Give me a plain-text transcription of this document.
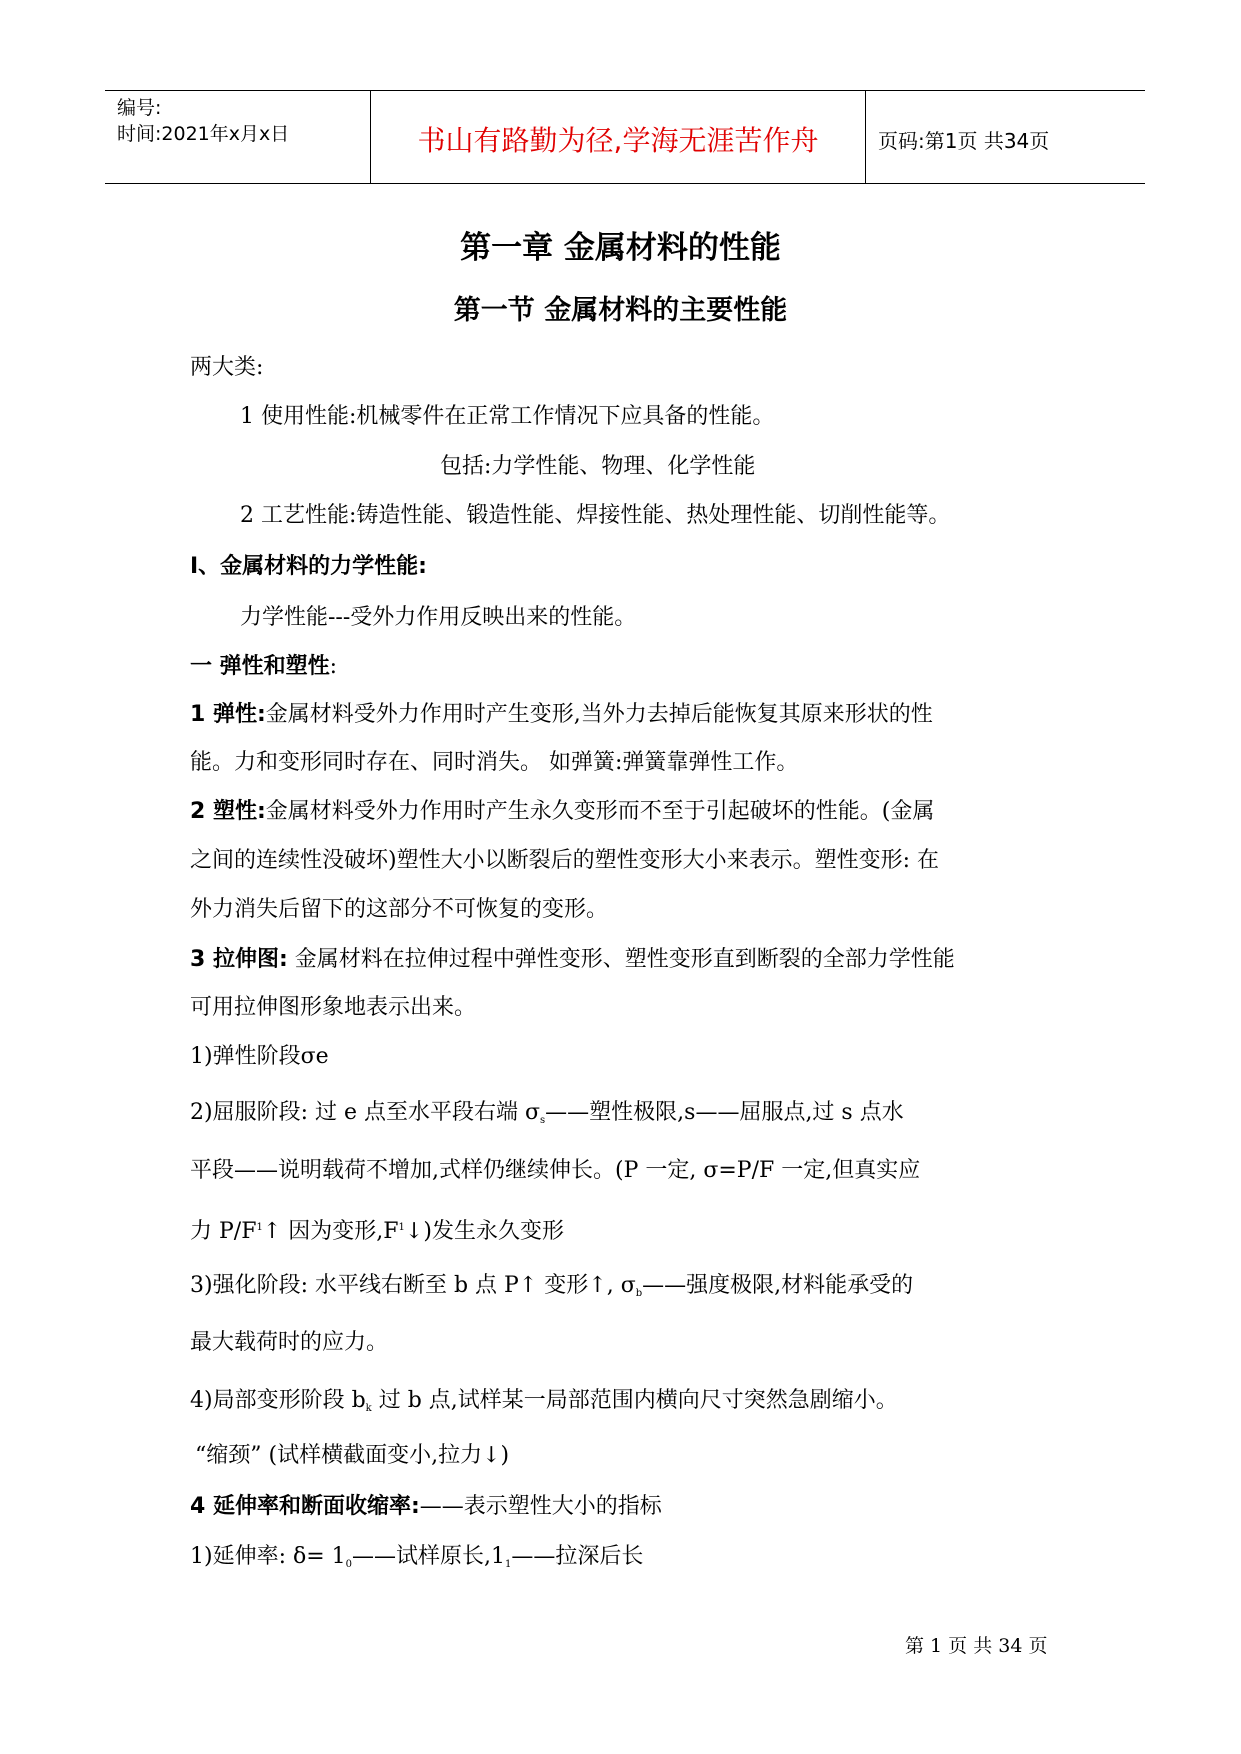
编号:
时间:2021年x月x日	书山有路勤为径,学海无涯苦作舟	页码:第1页 共34页
第一章 金属材料的性能
第一节 金属材料的主要性能
两大类:
1 使用性能:机械零件在正常工作情况下应具备的性能。
包括:力学性能、物理、化学性能
2 工艺性能:铸造性能、锻造性能、焊接性能、热处理性能、切削性能等。
Ⅰ、金属材料的力学性能:
力学性能---受外力作用反映出来的性能。
一 弹性和塑性:
1 弹性:金属材料受外力作用时产生变形,当外力去掉后能恢复其原来形状的性
能。力和变形同时存在、同时消失。 如弹簧:弹簧靠弹性工作。
2 塑性:金属材料受外力作用时产生永久变形而不至于引起破坏的性能。(金属
之间的连续性没破坏)塑性大小以断裂后的塑性变形大小来表示。塑性变形: 在
外力消失后留下的这部分不可恢复的变形。
3 拉伸图: 金属材料在拉伸过程中弹性变形、塑性变形直到断裂的全部力学性能
可用拉伸图形象地表示出来。
1)弹性阶段σe
2)屈服阶段: 过 e 点至水平段右端 $\sigma_s——$塑性极限,s——屈服点,过 s 点水
平段——说明载荷不增加,式样仍继续伸长。(P 一定, σ=P/F 一定,但真实应
力 $P/F^1↑$ 因为变形$,F^1↓$)发生永久变形
3)强化阶段: 水平线右断至 b 点 P↑ 变形↑, $\sigma_b——$强度极限,材料能承受的
最大载荷时的应力。
4)局部变形阶段 $b_k$ 过 b 点,试样某一局部范围内横向尺寸突然急剧缩小。
“缩颈” (试样横截面变小,拉力↓)
4 延伸率和断面收缩率:——表示塑性大小的指标
1)延伸率: $\delta= 1_0——$试样原长$,1_1——$拉深后长
第 1 页 共 34 页
